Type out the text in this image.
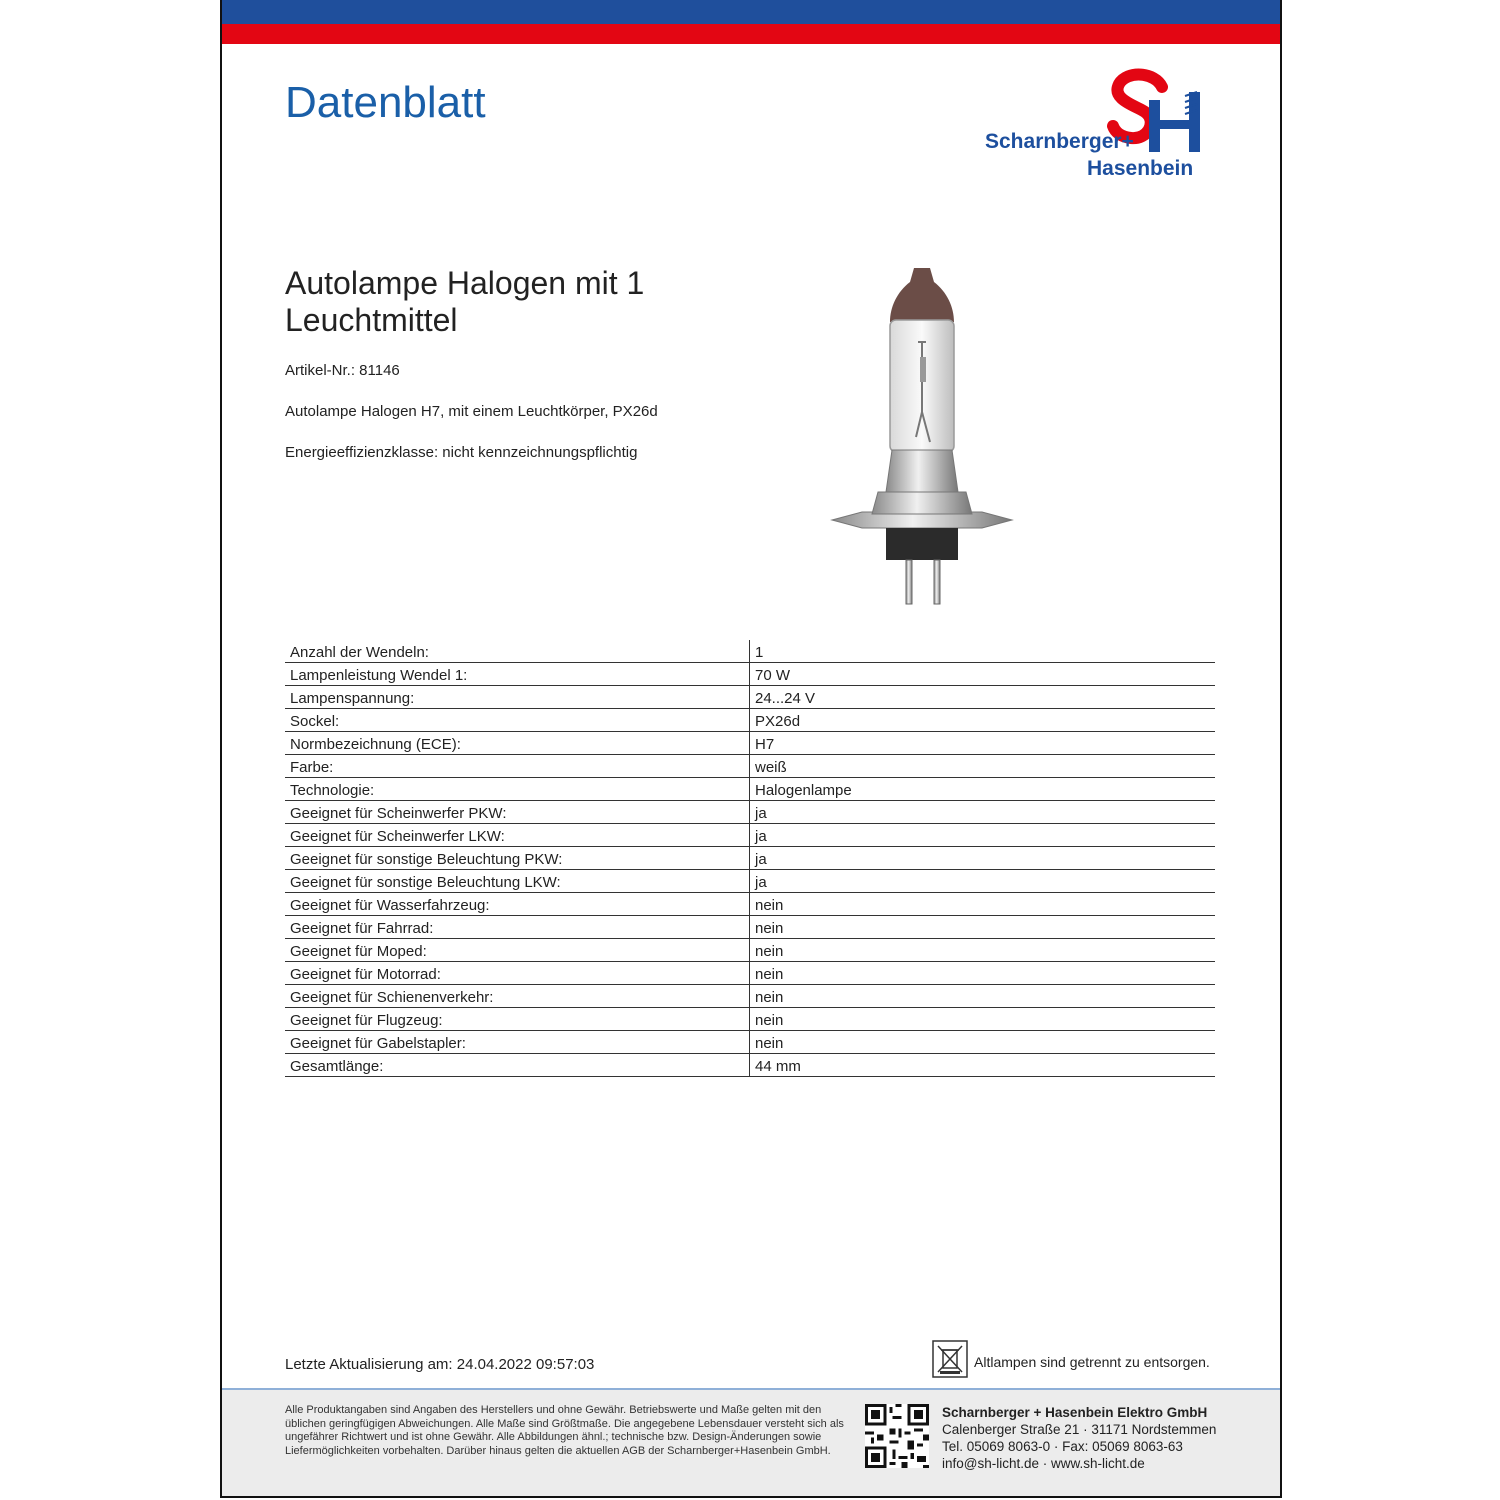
Datenblatt
Scharnberger+
Hasenbein
Autolampe Halogen mit 1 Leuchtmittel
Artikel-Nr.: 81146
Autolampe Halogen H7, mit einem Leuchtkörper, PX26d
Energieeffizienzklasse: nicht kennzeichnungspflichtig
Anzahl der Wendeln:	1
Lampenleistung Wendel 1:	70 W
Lampenspannung:	24...24 V
Sockel:	PX26d
Normbezeichnung (ECE):	H7
Farbe:	weiß
Technologie:	Halogenlampe
Geeignet für Scheinwerfer PKW:	ja
Geeignet für Scheinwerfer LKW:	ja
Geeignet für sonstige Beleuchtung PKW:	ja
Geeignet für sonstige Beleuchtung LKW:	ja
Geeignet für Wasserfahrzeug:	nein
Geeignet für Fahrrad:	nein
Geeignet für Moped:	nein
Geeignet für Motorrad:	nein
Geeignet für Schienenverkehr:	nein
Geeignet für Flugzeug:	nein
Geeignet für Gabelstapler:	nein
Gesamtlänge:	44 mm
Letzte Aktualisierung am: 24.04.2022 09:57:03	Altlampen sind getrennt zu entsorgen.

Alle Produktangaben sind Angaben des Herstellers und ohne Gewähr. Betriebswerte und Maße gelten mit den üblichen geringfügigen Abweichungen. Alle Maße sind Größtmaße. Die angegebene Lebensdauer versteht sich als ungefährer Richtwert und ist ohne Gewähr. Alle Abbildungen ähnl.; technische bzw. Design-Änderungen sowie Liefermöglichkeiten vorbehalten. Darüber hinaus gelten die aktuellen AGB der Scharnberger+Hasenbein GmbH.

Scharnberger + Hasenbein Elektro GmbH
Calenberger Straße 21 · 31171 Nordstemmen
Tel. 05069 8063-0 · Fax: 05069 8063-63
info@sh-licht.de · www.sh-licht.de
